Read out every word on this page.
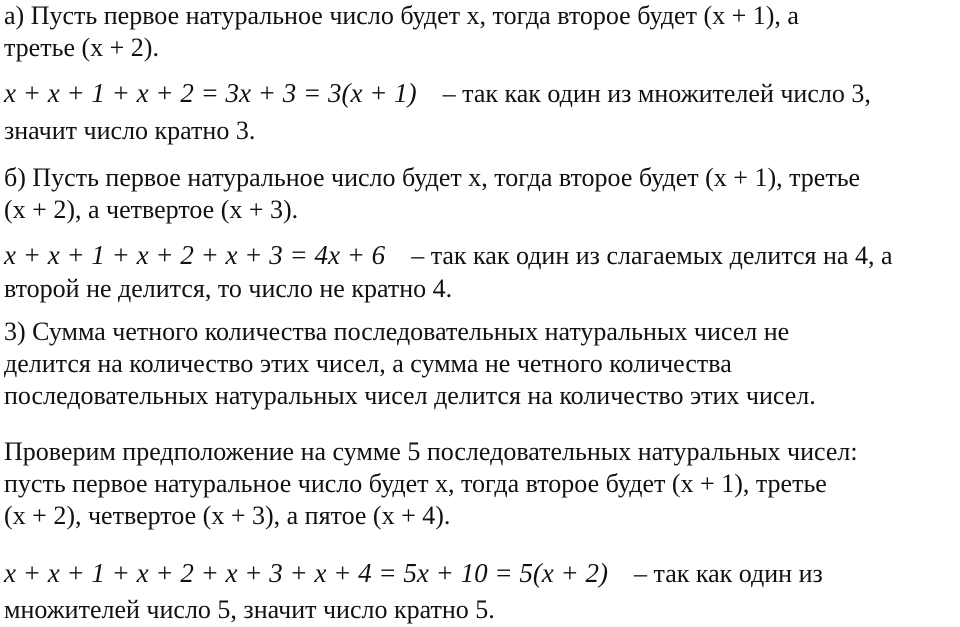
а) Пусть первое натуральное число будет x, тогда второе будет (x + 1), а
третье (x + 2).
x + x + 1 + x + 2 = 3x + 3 = 3(x + 1) – так как один из множителей число 3,
значит число кратно 3.
б) Пусть первое натуральное число будет x, тогда второе будет (x + 1), третье
(x + 2), а четвертое (x + 3).
x + x + 1 + x + 2 + x + 3 = 4x + 6 – так как один из слагаемых делится на 4, а
второй не делится, то число не кратно 4.
3) Сумма четного количества последовательных натуральных чисел не
делится на количество этих чисел, а сумма не четного количества
последовательных натуральных чисел делится на количество этих чисел.
Проверим предположение на сумме 5 последовательных натуральных чисел:
пусть первое натуральное число будет x, тогда второе будет (x + 1), третье
(x + 2), четвертое (x + 3), а пятое (x + 4).
x + x + 1 + x + 2 + x + 3 + x + 4 = 5x + 10 = 5(x + 2) – так как один из
множителей число 5, значит число кратно 5.
